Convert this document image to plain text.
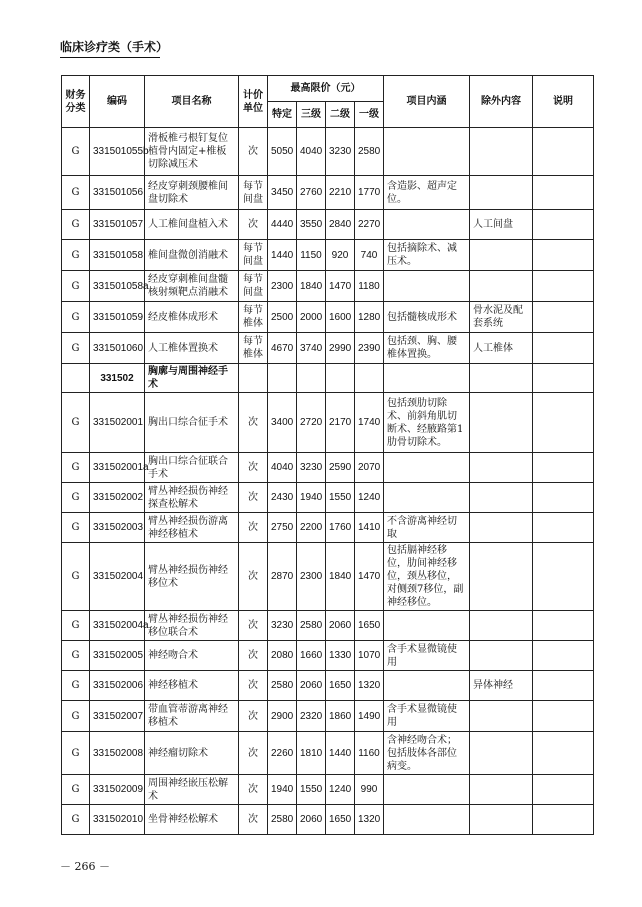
临床诊疗类（手术）
财务分类	编码	项目名称	计价单位	最高限价（元）				项目内涵	除外内容	说明
				特定	三级	二级	一级			
G	331501055b	滑板椎弓根钉复位植骨内固定+椎板切除减压术	次	5050	4040	3230	2580			
G	331501056	经皮穿刺颈腰椎间盘切除术	每节间盘	3450	2760	2210	1770	含造影、超声定位。		
G	331501057	人工椎间盘植入术	次	4440	3550	2840	2270		人工间盘	
G	331501058	椎间盘微创消融术	每节间盘	1440	1150	920	740	包括摘除术、减压术。		
G	331501058a	经皮穿刺椎间盘髓核射频靶点消融术	每节间盘	2300	1840	1470	1180			
G	331501059	经皮椎体成形术	每节椎体	2500	2000	1600	1280	包括髓核成形术	骨水泥及配套系统	
G	331501060	人工椎体置换术	每节椎体	4670	3740	2990	2390	包括颈、胸、腰椎体置换。	人工椎体	
	331502	胸廓与周围神经手术								
G	331502001	胸出口综合征手术	次	3400	2720	2170	1740	包括颈肋切除术、前斜角肌切断术、经腋路第1肋骨切除术。		
G	331502001a	胸出口综合征联合手术	次	4040	3230	2590	2070			
G	331502002	臂丛神经损伤神经探查松解术	次	2430	1940	1550	1240			
G	331502003	臂丛神经损伤游离神经移植术	次	2750	2200	1760	1410	不含游离神经切取		
G	331502004	臂丛神经损伤神经移位术	次	2870	2300	1840	1470	包括膈神经移位，肋间神经移位，颈丛移位，对侧颈7移位，副神经移位。		
G	331502004a	臂丛神经损伤神经移位联合术	次	3230	2580	2060	1650			
G	331502005	神经吻合术	次	2080	1660	1330	1070	含手术显微镜使用		
G	331502006	神经移植术	次	2580	2060	1650	1320		异体神经	
G	331502007	带血管蒂游离神经移植术	次	2900	2320	1860	1490	含手术显微镜使用		
G	331502008	神经瘤切除术	次	2260	1810	1440	1160	含神经吻合术；包括肢体各部位病变。		
G	331502009	周围神经嵌压松解术	次	1940	1550	1240	990			
G	331502010	坐骨神经松解术	次	2580	2060	1650	1320			
－ 266 －
